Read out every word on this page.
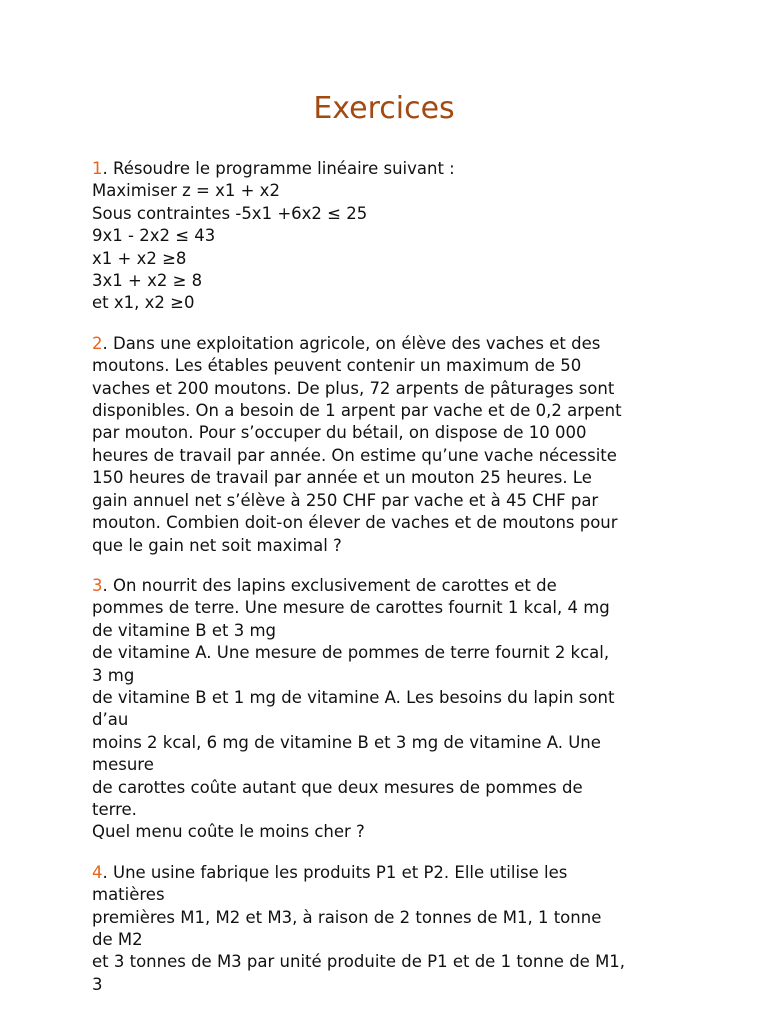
Exercices
1. Résoudre le programme linéaire suivant :
Maximiser z = x1 + x2
Sous contraintes -5x1 +6x2 ≤ 25
9x1 - 2x2 ≤ 43
x1 + x2 ≥8
3x1 + x2 ≥ 8
et x1, x2 ≥0
2. Dans une exploitation agricole, on élève des vaches et des
moutons. Les étables peuvent contenir un maximum de 50
vaches et 200 moutons. De plus, 72 arpents de pâturages sont
disponibles. On a besoin de 1 arpent par vache et de 0,2 arpent
par mouton. Pour s’occuper du bétail, on dispose de 10 000
heures de travail par année. On estime qu’une vache nécessite
150 heures de travail par année et un mouton 25 heures. Le
gain annuel net s’élève à 250 CHF par vache et à 45 CHF par
mouton. Combien doit-on élever de vaches et de moutons pour
que le gain net soit maximal ?
3. On nourrit des lapins exclusivement de carottes et de
pommes de terre. Une mesure de carottes fournit 1 kcal, 4 mg
de vitamine B et 3 mg
de vitamine A. Une mesure de pommes de terre fournit 2 kcal,
3 mg
de vitamine B et 1 mg de vitamine A. Les besoins du lapin sont
d’au
moins 2 kcal, 6 mg de vitamine B et 3 mg de vitamine A. Une
mesure
de carottes coûte autant que deux mesures de pommes de
terre.
Quel menu coûte le moins cher ?
4. Une usine fabrique les produits P1 et P2. Elle utilise les
matières
premières M1, M2 et M3, à raison de 2 tonnes de M1, 1 tonne
de M2
et 3 tonnes de M3 par unité produite de P1 et de 1 tonne de M1,
3
